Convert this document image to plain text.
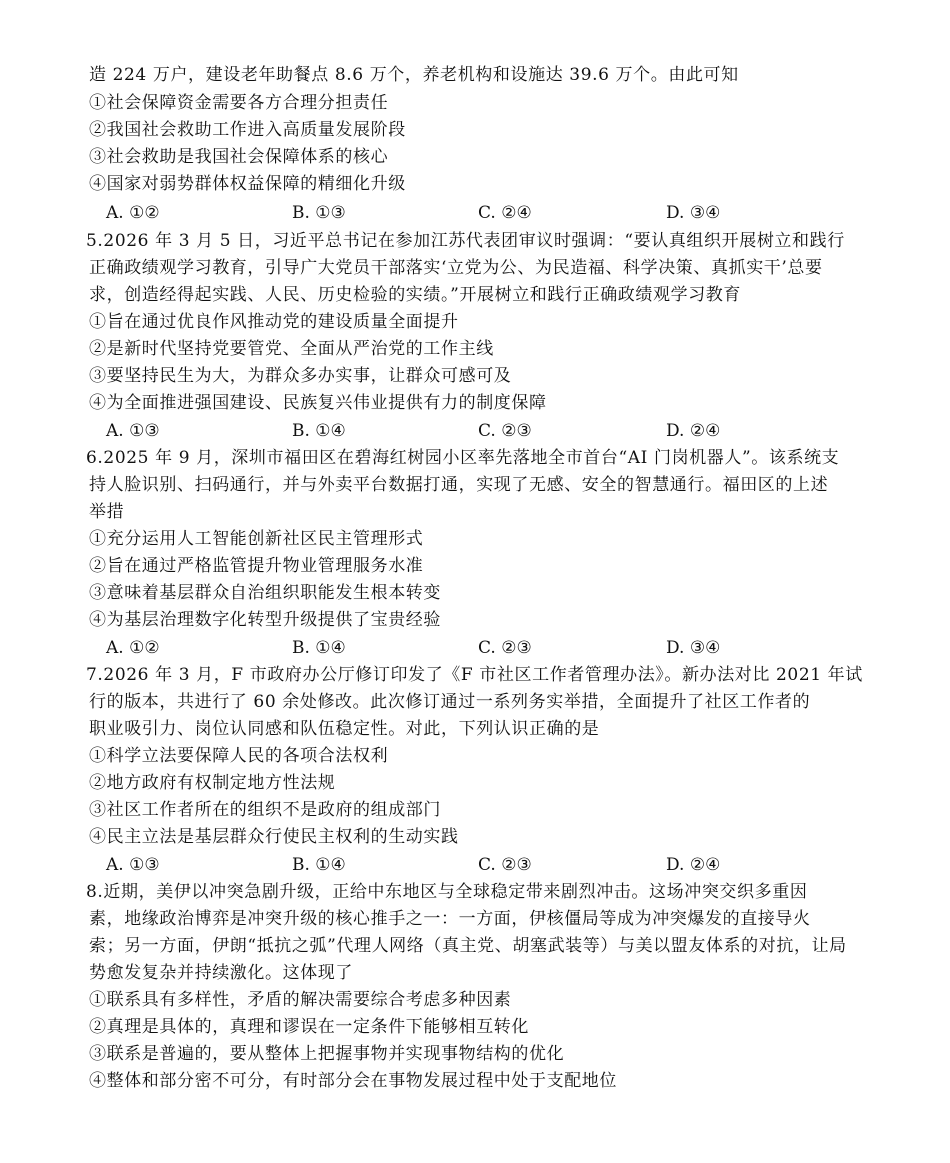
造 224 万户，建设老年助餐点 8.6 万个，养老机构和设施达 39.6 万个。由此可知
①社会保障资金需要各方合理分担责任
②我国社会救助工作进入高质量发展阶段
③社会救助是我国社会保障体系的核心
④国家对弱势群体权益保障的精细化升级
A. ①②	B. ①③	C. ②④	D. ③④
5.2026 年 3 月 5 日，习近平总书记在参加江苏代表团审议时强调：“要认真组织开展树立和践行
正确政绩观学习教育，引导广大党员干部落实‘立党为公、为民造福、科学决策、真抓实干’总要
求，创造经得起实践、人民、历史检验的实绩。”开展树立和践行正确政绩观学习教育
①旨在通过优良作风推动党的建设质量全面提升
②是新时代坚持党要管党、全面从严治党的工作主线
③要坚持民生为大，为群众多办实事，让群众可感可及
④为全面推进强国建设、民族复兴伟业提供有力的制度保障
A. ①③	B. ①④	C. ②③	D. ②④
6.2025 年 9 月，深圳市福田区在碧海红树园小区率先落地全市首台“AI 门岗机器人”。该系统支
持人脸识别、扫码通行，并与外卖平台数据打通，实现了无感、安全的智慧通行。福田区的上述
举措
①充分运用人工智能创新社区民主管理形式
②旨在通过严格监管提升物业管理服务水准
③意味着基层群众自治组织职能发生根本转变
④为基层治理数字化转型升级提供了宝贵经验
A. ①②	B. ①④	C. ②③	D. ③④
7.2026 年 3 月，F 市政府办公厅修订印发了《F 市社区工作者管理办法》。新办法对比 2021 年试
行的版本，共进行了 60 余处修改。此次修订通过一系列务实举措，全面提升了社区工作者的
职业吸引力、岗位认同感和队伍稳定性。对此，下列认识正确的是
①科学立法要保障人民的各项合法权利
②地方政府有权制定地方性法规
③社区工作者所在的组织不是政府的组成部门
④民主立法是基层群众行使民主权利的生动实践
A. ①③	B. ①④	C. ②③	D. ②④
8.近期，美伊以冲突急剧升级，正给中东地区与全球稳定带来剧烈冲击。这场冲突交织多重因
素，地缘政治博弈是冲突升级的核心推手之一：一方面，伊核僵局等成为冲突爆发的直接导火
索；另一方面，伊朗“抵抗之弧”代理人网络（真主党、胡塞武装等）与美以盟友体系的对抗，让局
势愈发复杂并持续激化。这体现了
①联系具有多样性，矛盾的解决需要综合考虑多种因素
②真理是具体的，真理和谬误在一定条件下能够相互转化
③联系是普遍的，要从整体上把握事物并实现事物结构的优化
④整体和部分密不可分，有时部分会在事物发展过程中处于支配地位
